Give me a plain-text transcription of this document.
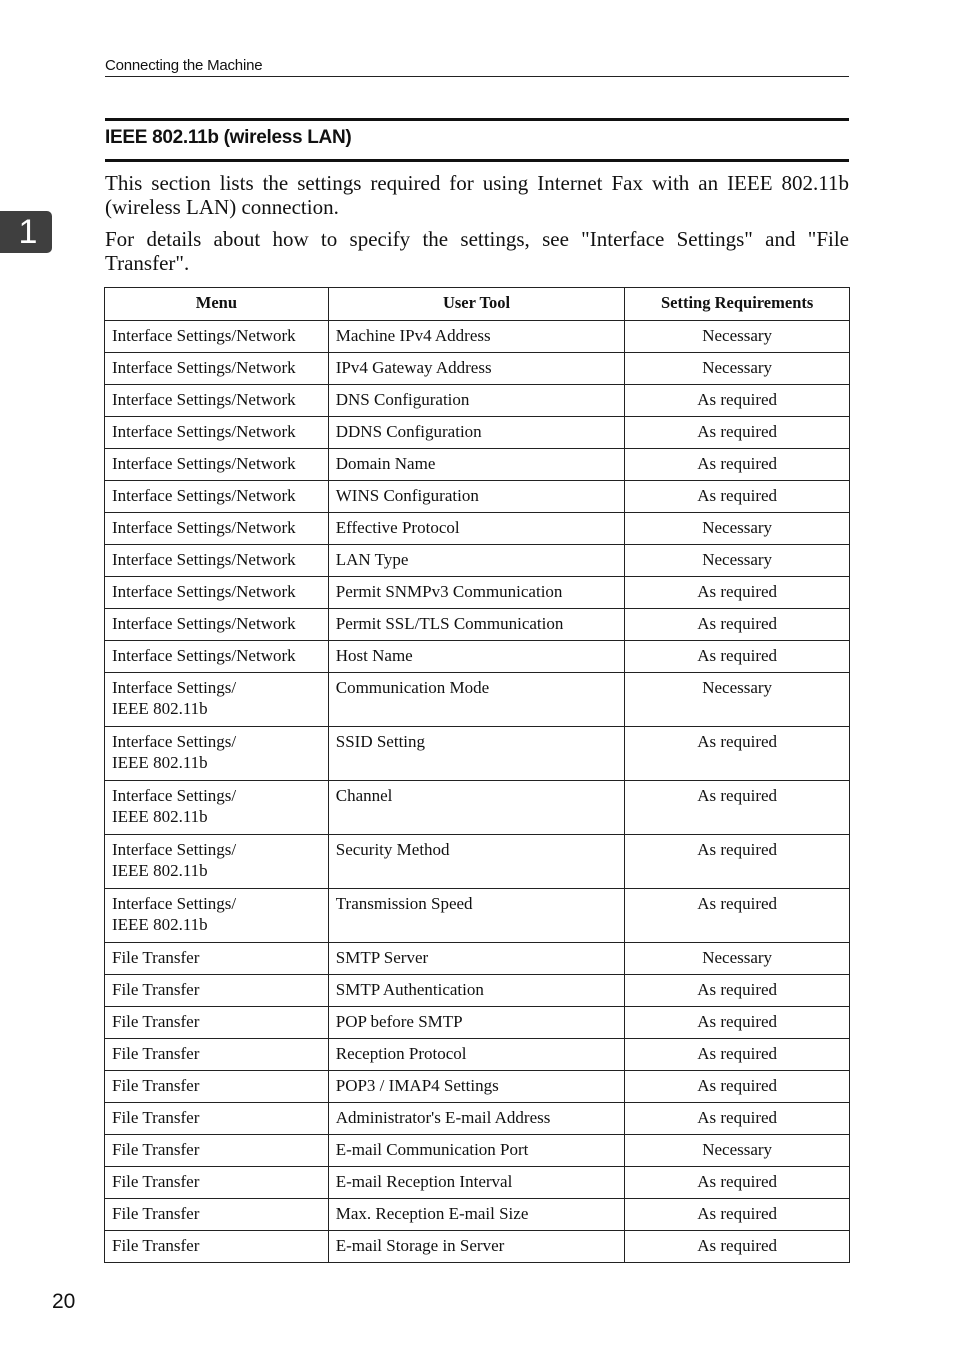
Connecting the Machine
1
IEEE 802.11b (wireless LAN)

This section lists the settings required for using Internet Fax with an IEEE 802.11b (wireless LAN) connection.

For details about how to specify the settings, see "Interface Settings" and "File Transfer".

Menu	User Tool	Setting Requirements

Interface Settings/Network	Machine IPv4 Address	Necessary

Interface Settings/Network	IPv4 Gateway Address	Necessary

Interface Settings/Network	DNS Configuration	As required

Interface Settings/Network	DDNS Configuration	As required

Interface Settings/Network	Domain Name	As required

Interface Settings/Network	WINS Configuration	As required

Interface Settings/Network	Effective Protocol	Necessary

Interface Settings/Network	LAN Type	Necessary

Interface Settings/Network	Permit SNMPv3 Communication	As required

Interface Settings/Network	Permit SSL/TLS Communication	As required

Interface Settings/Network	Host Name	As required

Interface Settings/
IEEE 802.11b	Communication Mode	Necessary

Interface Settings/
IEEE 802.11b	SSID Setting	As required

Interface Settings/
IEEE 802.11b	Channel	As required

Interface Settings/
IEEE 802.11b	Security Method	As required

Interface Settings/
IEEE 802.11b	Transmission Speed	As required

File Transfer	SMTP Server	Necessary

File Transfer	SMTP Authentication	As required

File Transfer	POP before SMTP	As required

File Transfer	Reception Protocol	As required

File Transfer	POP3 / IMAP4 Settings	As required

File Transfer	Administrator's E-mail Address	As required

File Transfer	E-mail Communication Port	Necessary

File Transfer	E-mail Reception Interval	As required

File Transfer	Max. Reception E-mail Size	As required

File Transfer	E-mail Storage in Server	As required
20
